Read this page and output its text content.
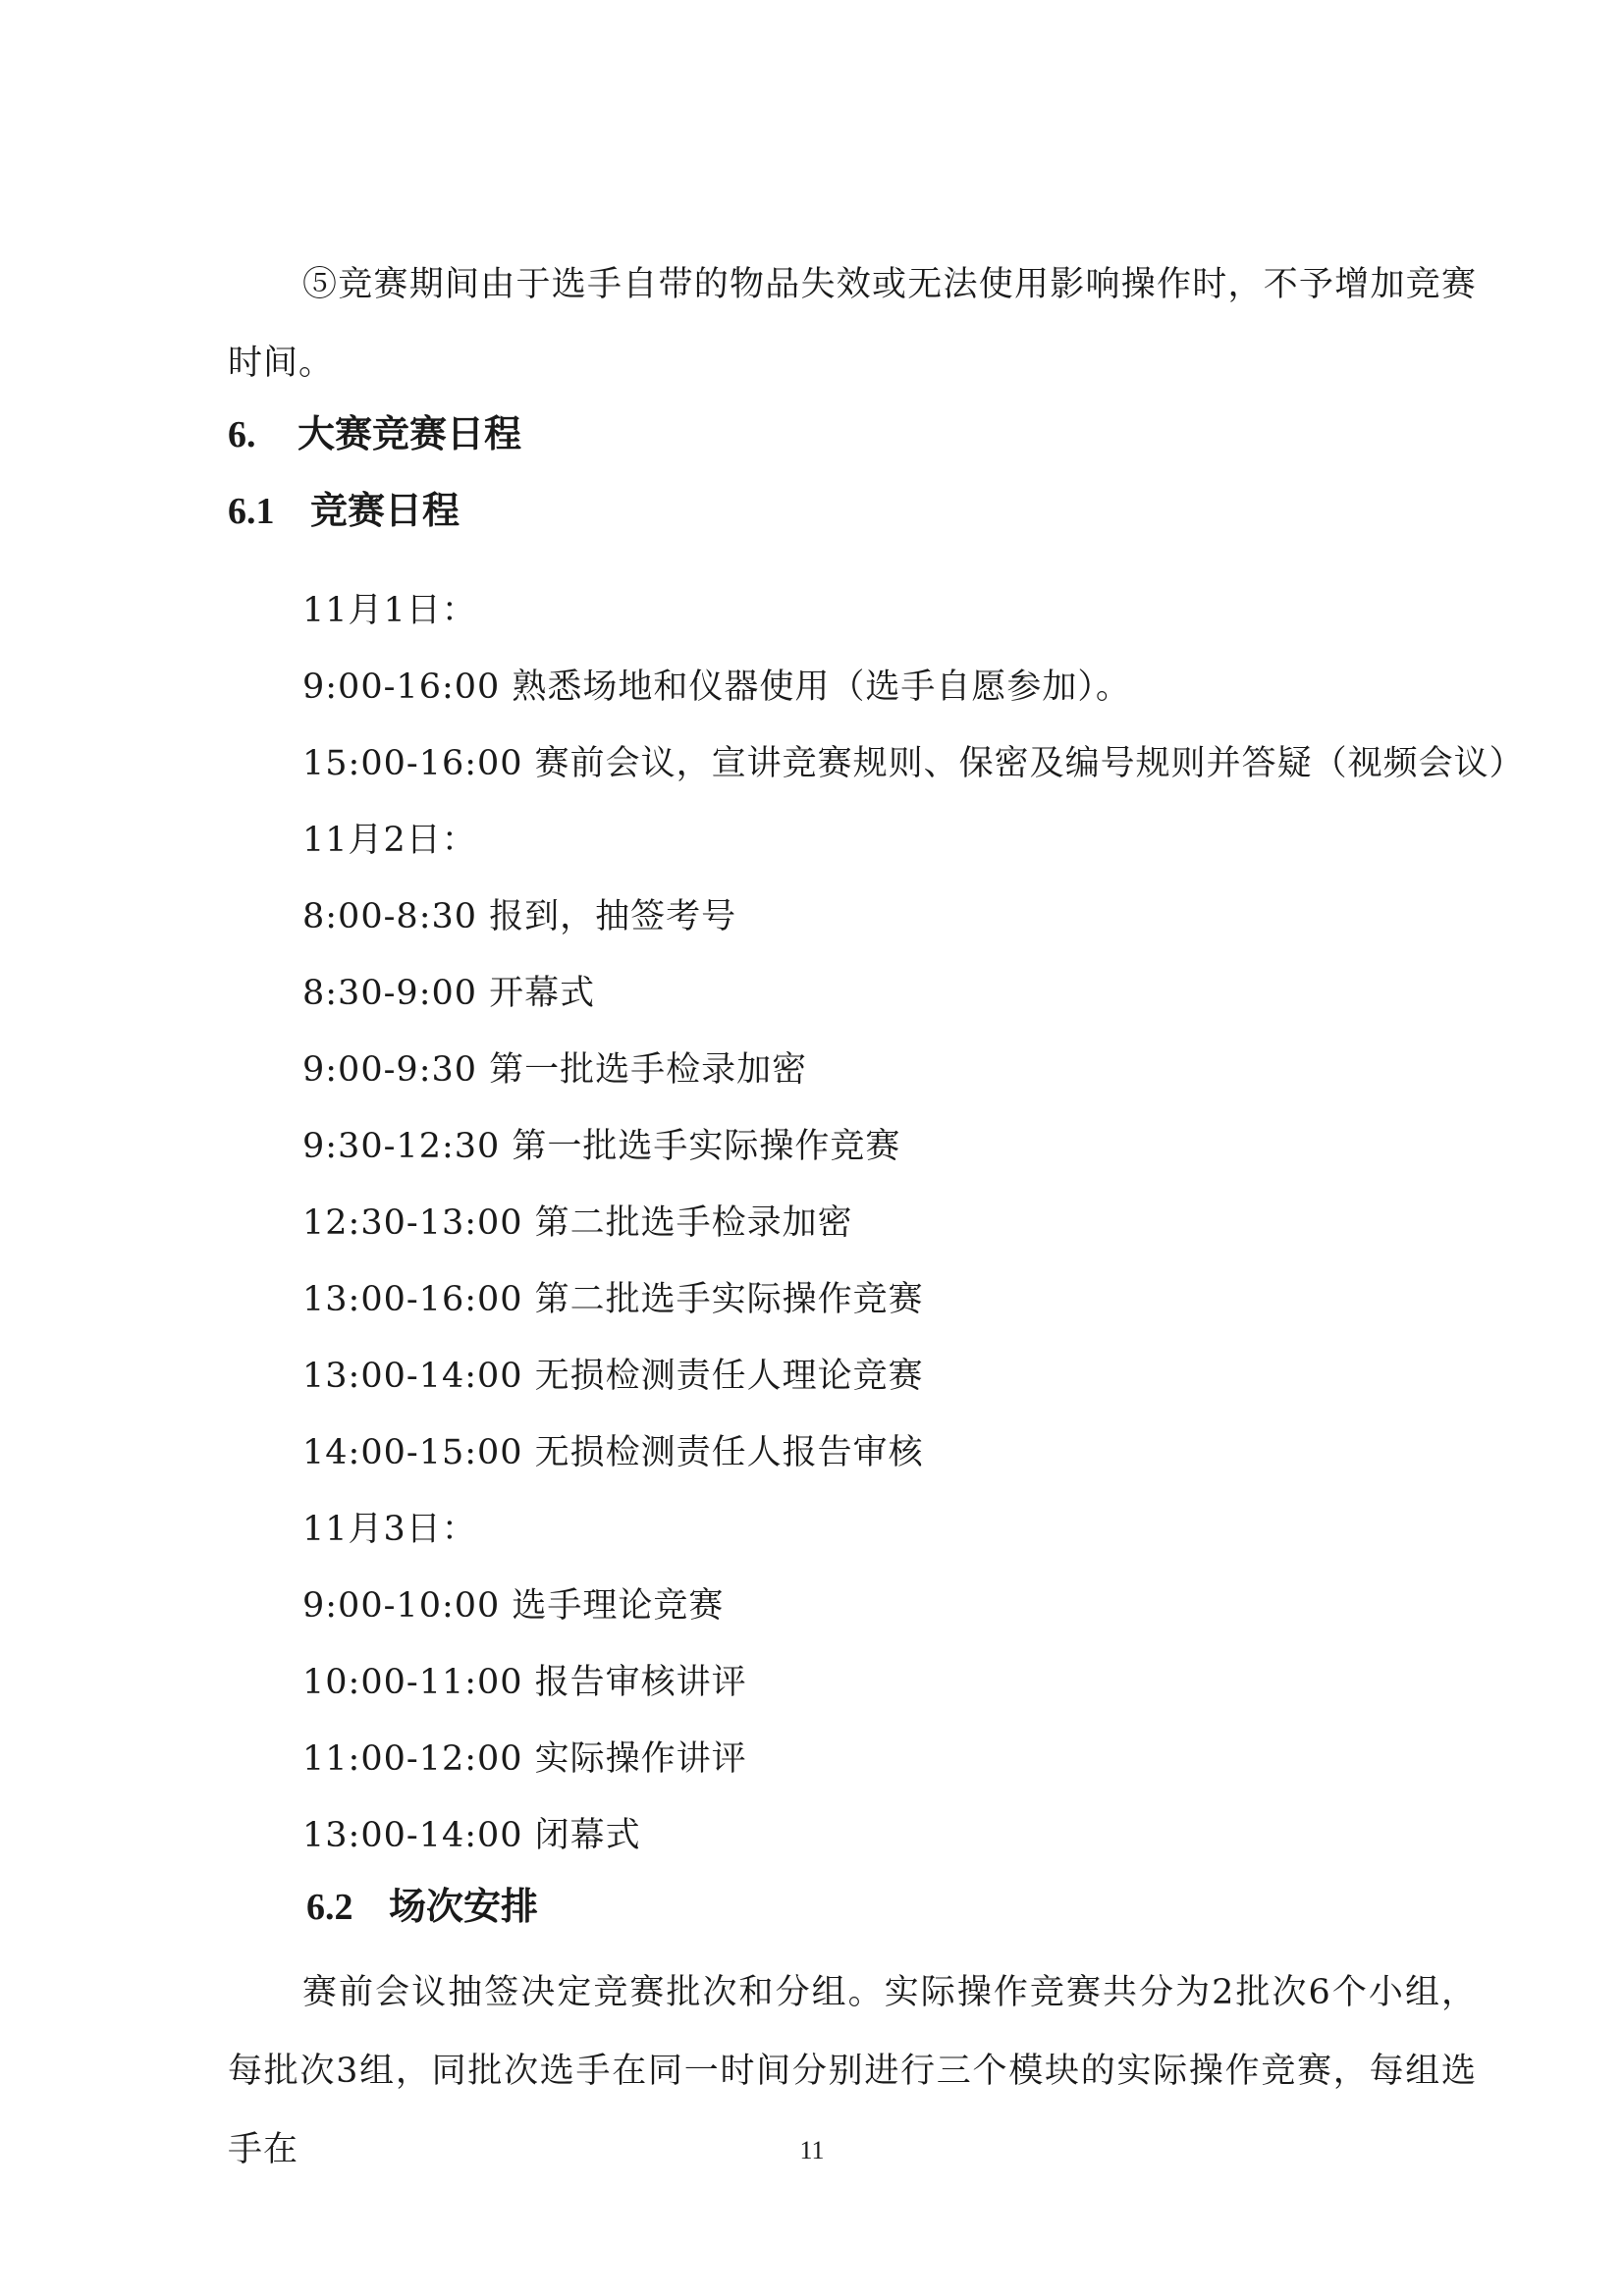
⑤竞赛期间由于选手自带的物品失效或无法使用影响操作时，不予增加竞赛时间。
6. 大赛竞赛日程
6.1 竞赛日程
11月1日：
9:00-16:00 熟悉场地和仪器使用（选手自愿参加）。
15:00-16:00 赛前会议，宣讲竞赛规则、保密及编号规则并答疑（视频会议）
11月2日：
8:00-8:30 报到，抽签考号
8:30-9:00 开幕式
9:00-9:30 第一批选手检录加密
9:30-12:30 第一批选手实际操作竞赛
12:30-13:00 第二批选手检录加密
13:00-16:00 第二批选手实际操作竞赛
13:00-14:00 无损检测责任人理论竞赛
14:00-15:00 无损检测责任人报告审核
11月3日：
9:00-10:00 选手理论竞赛
10:00-11:00 报告审核讲评
11:00-12:00 实际操作讲评
13:00-14:00 闭幕式
6.2 场次安排
赛前会议抽签决定竞赛批次和分组。实际操作竞赛共分为2批次6个小组，每批次3组，同批次选手在同一时间分别进行三个模块的实际操作竞赛，每组选手在	11
